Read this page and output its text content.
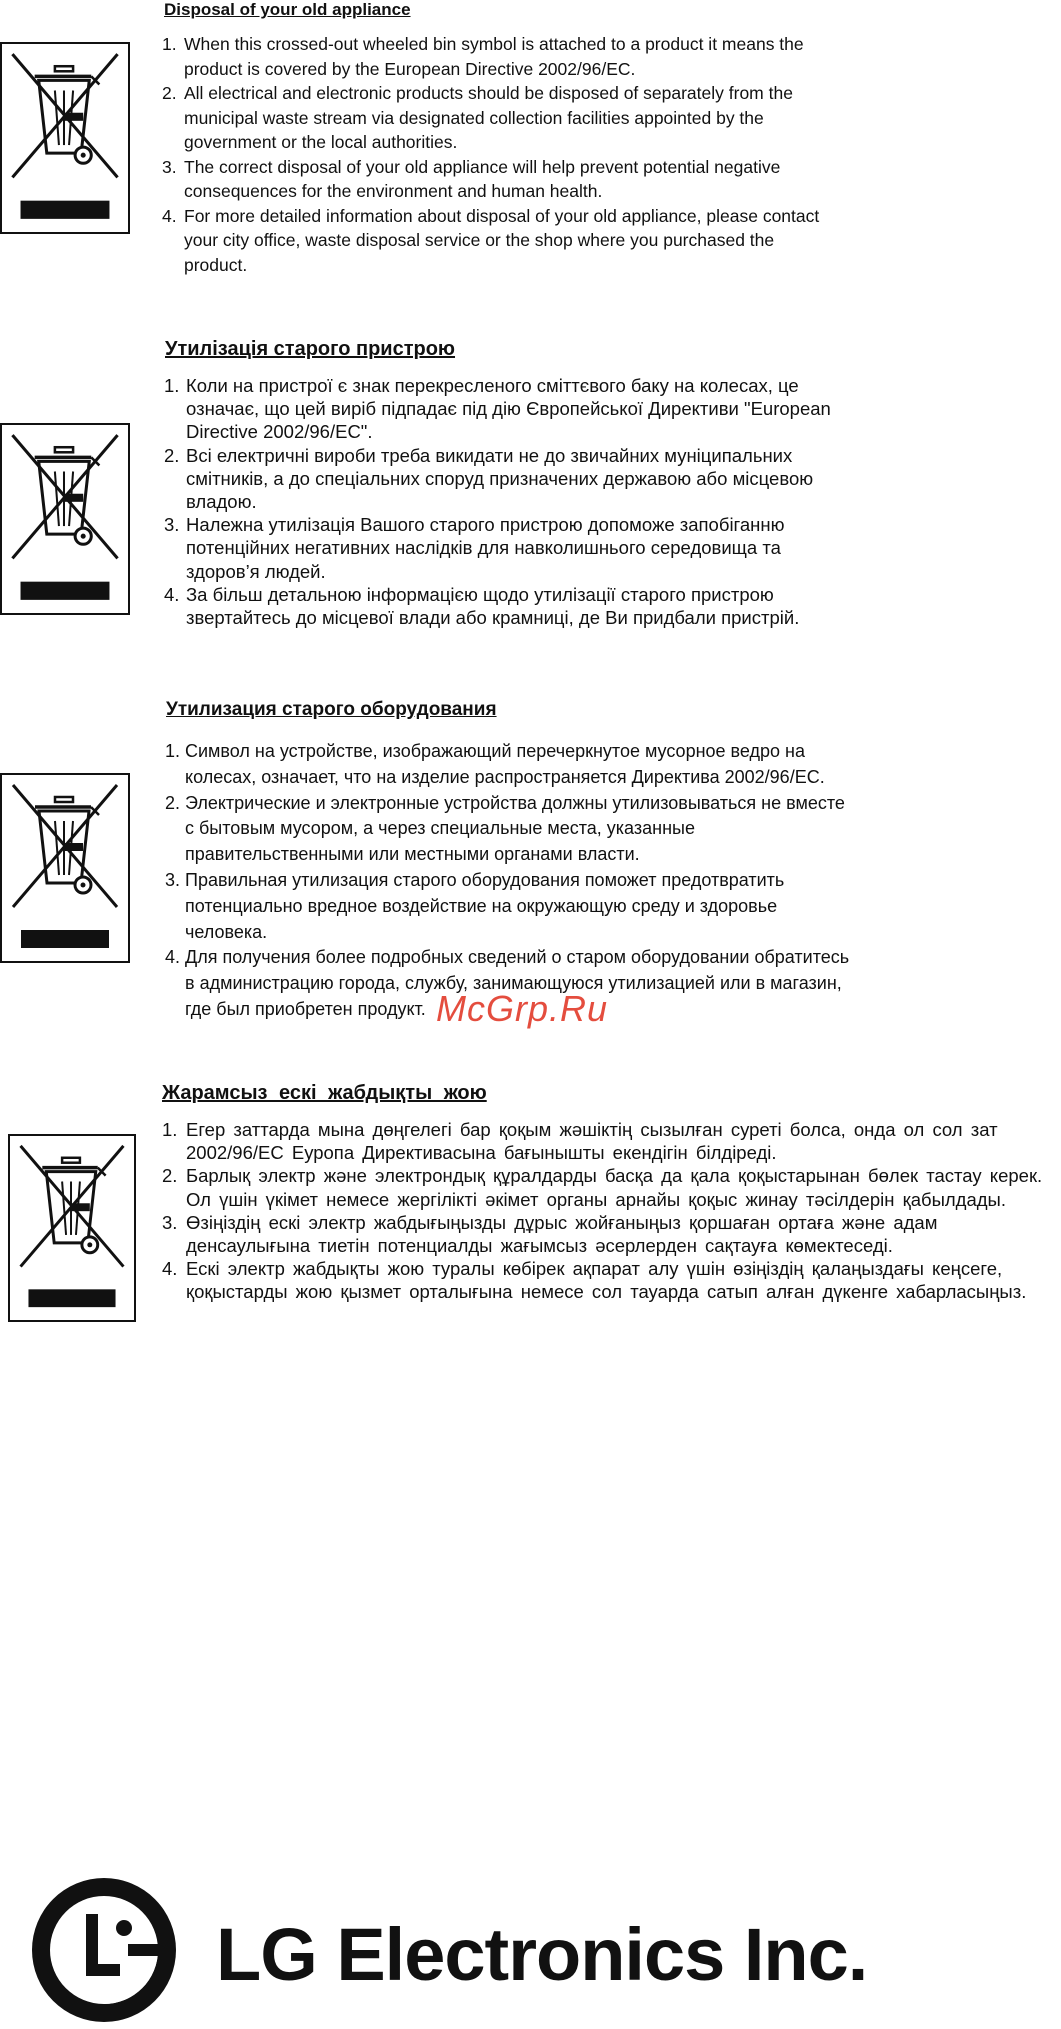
Disposal of your old appliance
1. When this crossed-out wheeled bin symbol is attached to a product it means the product is covered by the European Directive 2002/96/EC.
2. All electrical and electronic products should be disposed of separately from the municipal waste stream via designated collection facilities appointed by the government or the local authorities.
3. The correct disposal of your old appliance will help prevent potential negative consequences for the environment and human health.
4. For more detailed information about disposal of your old appliance, please contact your city office, waste disposal service or the shop where you purchased the product.
Утилізація старого пристрою
1. Коли на пристрої є знак перекресленого сміттєвого баку на колесах, це означає, що цей виріб підпадає під дію Європейської Директиви "European Directive 2002/96/EC".
2. Всі електричні вироби треба викидати не до звичайних муніципальних смітників, а до спеціальних споруд призначених державою або місцевою владою.
3. Належна утилізація Вашого старого пристрою допоможе запобіганню потенційних негативних наслідків для навколишнього середовища та здоров’я людей.
4. За більш детальною інформацією щодо утилізації старого пристрою звертайтесь до місцевої влади або крамниці, де Ви придбали пристрій.
Утилизация старого оборудования
1. Символ на устройстве, изображающий перечеркнутое мусорное ведро на колесах, означает, что на изделие распространяется Директива 2002/96/EC.
2. Электрические и электронные устройства должны утилизовываться не вместе с бытовым мусором, а через специальные места, указанные правительственными или местными органами власти.
3. Правильная утилизация старого оборудования поможет предотвратить потенциально вредное воздействие на окружающую среду и здоровье человека.
4. Для получения более подробных сведений о старом оборудовании обратитесь в администрацию города, службу, занимающуюся утилизацией или в магазин, где был приобретен продукт. McGrp.Ru
Жарамсыз ескі жабдықты жою
1. Егер заттарда мына дөңгелегі бар қоқым жәшіктің сызылған суреті болса, онда ол сол зат 2002/96/EC Еуропа Директивасына бағынышты екендігін білдіреді.
2. Барлық электр және электрондық құралдарды басқа да қала қоқыстарынан бөлек тастау керек. Ол үшін үкімет немесе жергілікті әкімет органы арнайы қоқыс жинау тәсілдерін қабылдады.
3. Өзіңіздің ескі электр жабдығыңызды дұрыс жойғаныңыз қоршаған ортаға және адам денсаулығына тиетін потенциалды жағымсыз әсерлерден сақтауға көмектеседі.
4. Ескі электр жабдықты жою туралы көбірек ақпарат алу үшін өзіңіздің қалаңыздағы кеңсеге, қоқыстарды жою қызмет орталығына немесе сол тауарда сатып алған дүкенге хабарласыңыз.
LG Electronics Inc.
